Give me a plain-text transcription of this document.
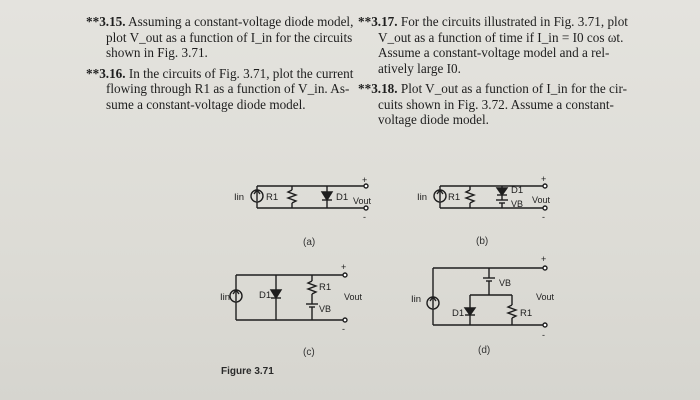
**3.15. Assuming a constant-voltage diode model,
plot V_out as a function of I_in for the circuits
shown in Fig. 3.71.
**3.16. In the circuits of Fig. 3.71, plot the current
flowing through R1 as a function of V_in. As-
sume a constant-voltage diode model.
**3.17. For the circuits illustrated in Fig. 3.71, plot
V_out as a function of time if I_in = I0 cos ωt.
Assume a constant-voltage model and a rel-
atively large I0.
**3.18. Plot V_out as a function of I_in for the cir-
cuits shown in Fig. 3.72. Assume a constant-
voltage diode model.
Iin R1	D1 Vout
+
-
Iin R1
D1
VB Vout
+
-
Iin	D1
R1
VB
Vout
+
-
Iin
VB
D1	R1
Vout
+
-
(a)	(b)
(c)	(d)
Figure 3.71
